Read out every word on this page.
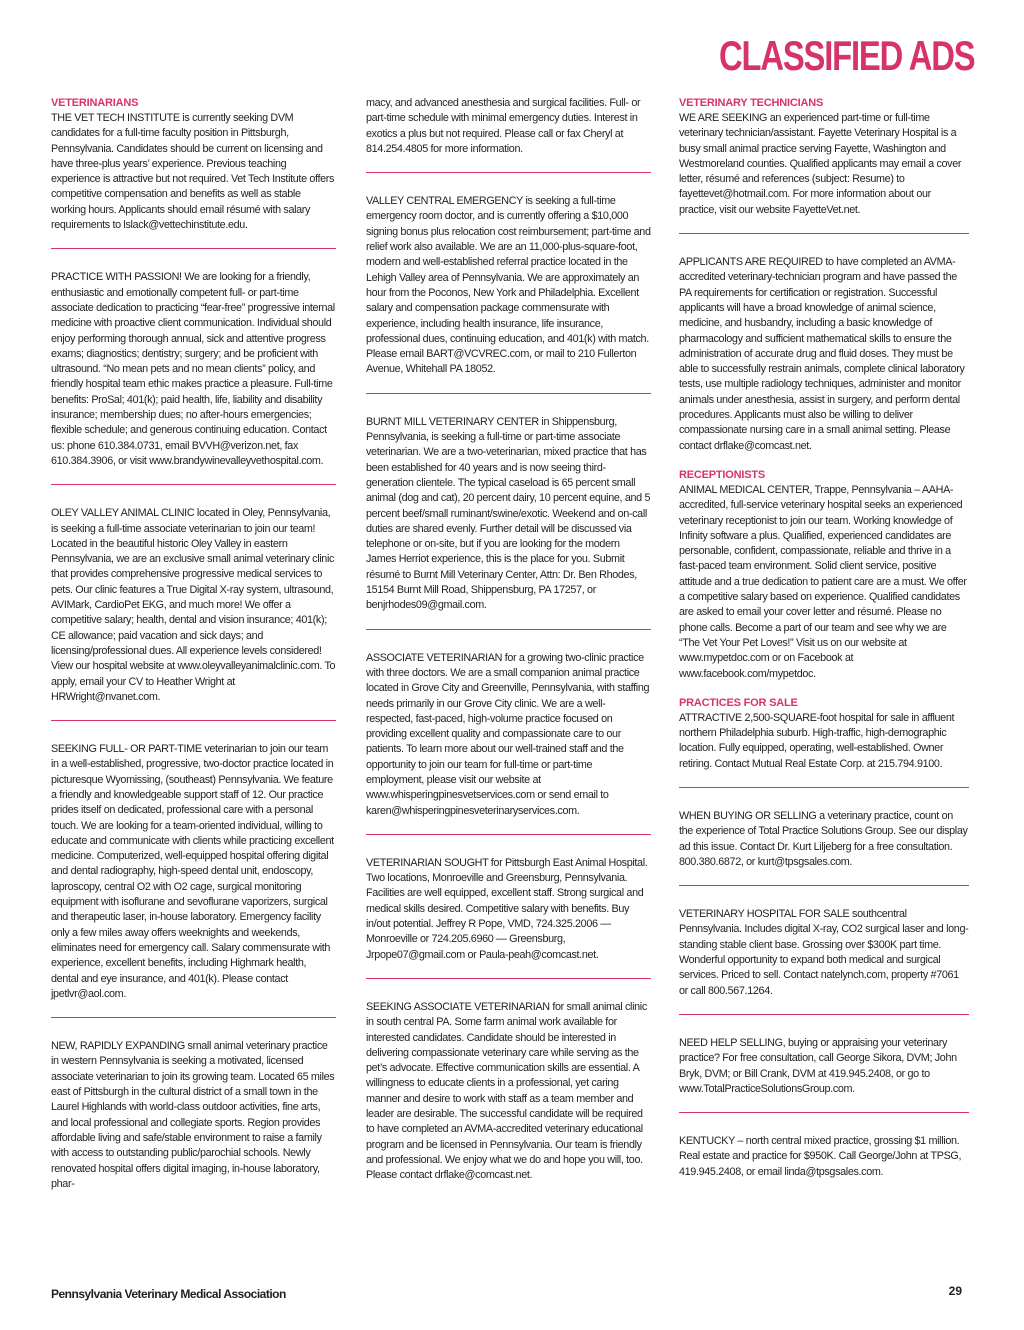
CLASSIFIED ADS
VETERINARIANS

THE VET TECH INSTITUTE is currently seeking DVM candidates for a full-time faculty position in Pittsburgh, Pennsylvania. Candidates should be current on licensing and have three-plus years’ experience. Previous teaching experience is attractive but not required. Vet Tech Institute offers competitive compensation and benefits as well as stable working hours. Applicants should email résumé with salary requirements to lslack@vettechinstitute.edu.

PRACTICE WITH PASSION! We are looking for a friendly, enthusiastic and emotionally competent full- or part-time associate dedication to practicing “fear-free” progressive internal medicine with proactive client communication. Individual should enjoy performing thorough annual, sick and attentive progress exams; diagnostics; dentistry; surgery; and be proficient with ultrasound. “No mean pets and no mean clients” policy, and friendly hospital team ethic makes practice a pleasure. Full-time benefits: ProSal; 401(k); paid health, life, liability and disability insurance; membership dues; no after-hours emergencies; flexible schedule; and generous continuing education. Contact us: phone 610.384.0731, email BVVH@verizon.net, fax 610.384.3906, or visit www.brandywinevalleyvethospital.com.

OLEY VALLEY ANIMAL CLINIC located in Oley, Pennsylvania, is seeking a full-time associate veterinarian to join our team! Located in the beautiful historic Oley Valley in eastern Pennsylvania, we are an exclusive small animal veterinary clinic that provides comprehensive progressive medical services to pets. Our clinic features a True Digital X-ray system, ultrasound, AVIMark, CardioPet EKG, and much more! We offer a competitive salary; health, dental and vision insurance; 401(k); CE allowance; paid vacation and sick days; and licensing/professional dues. All experience levels considered! View our hospital website at www.oleyvalleyanimalclinic.com. To apply, email your CV to Heather Wright at HRWright@nvanet.com.

SEEKING FULL- OR PART-TIME veterinarian to join our team in a well-established, progressive, two-doctor practice located in picturesque Wyomissing, (southeast) Pennsylvania. We feature a friendly and knowledgeable support staff of 12. Our practice prides itself on dedicated, professional care with a personal touch. We are looking for a team-oriented individual, willing to educate and communicate with clients while practicing excellent medicine. Computerized, well-equipped hospital offering digital and dental radiography, high-speed dental unit, endoscopy, laproscopy, central O2 with O2 cage, surgical monitoring equipment with isoflurane and sevoflurane vaporizers, surgical and therapeutic laser, in-house laboratory. Emergency facility only a few miles away offers weeknights and weekends, eliminates need for emergency call. Salary commensurate with experience, excellent benefits, including Highmark health, dental and eye insurance, and 401(k). Please contact jpetlvr@aol.com.

NEW, RAPIDLY EXPANDING small animal veterinary practice in western Pennsylvania is seeking a motivated, licensed associate veterinarian to join its growing team. Located 65 miles east of Pittsburgh in the cultural district of a small town in the Laurel Highlands with world-class outdoor activities, fine arts, and local professional and collegiate sports. Region provides affordable living and safe/stable environment to raise a family with access to outstanding public/parochial schools. Newly renovated hospital offers digital imaging, in-house laboratory, phar-

macy, and advanced anesthesia and surgical facilities. Full- or part-time schedule with minimal emergency duties. Interest in exotics a plus but not required. Please call or fax Cheryl at 814.254.4805 for more information.

VALLEY CENTRAL EMERGENCY is seeking a full-time emergency room doctor, and is currently offering a $10,000 signing bonus plus relocation cost reimbursement; part-time and relief work also available. We are an 11,000-plus-square-foot, modern and well-established referral practice located in the Lehigh Valley area of Pennsylvania. We are approximately an hour from the Poconos, New York and Philadelphia. Excellent salary and compensation package commensurate with experience, including health insurance, life insurance, professional dues, continuing education, and 401(k) with match. Please email BART@VCVREC.com, or mail to 210 Fullerton Avenue, Whitehall PA 18052.

BURNT MILL VETERINARY CENTER in Shippensburg, Pennsylvania, is seeking a full-time or part-time associate veterinarian. We are a two-veterinarian, mixed practice that has been established for 40 years and is now seeing third-generation clientele. The typical caseload is 65 percent small animal (dog and cat), 20 percent dairy, 10 percent equine, and 5 percent beef/small ruminant/swine/exotic. Weekend and on-call duties are shared evenly. Further detail will be discussed via telephone or on-site, but if you are looking for the modern James Herriot experience, this is the place for you. Submit résumé to Burnt Mill Veterinary Center, Attn: Dr. Ben Rhodes, 15154 Burnt Mill Road, Shippensburg, PA 17257, or benjrhodes09@gmail.com.

ASSOCIATE VETERINARIAN for a growing two-clinic practice with three doctors. We are a small companion animal practice located in Grove City and Greenville, Pennsylvania, with staffing needs primarily in our Grove City clinic. We are a well-respected, fast-paced, high-volume practice focused on providing excellent quality and compassionate care to our patients. To learn more about our well-trained staff and the opportunity to join our team for full-time or part-time employment, please visit our website at www.whisperingpinesvetservices.com or send email to karen@whisperingpinesveterinaryservices.com.

VETERINARIAN SOUGHT for Pittsburgh East Animal Hospital. Two locations, Monroeville and Greensburg, Pennsylvania. Facilities are well equipped, excellent staff. Strong surgical and medical skills desired. Competitive salary with benefits. Buy in/out potential. Jeffrey R Pope, VMD, 724.325.2006 — Monroeville or 724.205.6960 — Greensburg, Jrpope07@gmail.com or Paula-peah@comcast.net.

SEEKING ASSOCIATE VETERINARIAN for small animal clinic in south central PA. Some farm animal work available for interested candidates. Candidate should be interested in delivering compassionate veterinary care while serving as the pet’s advocate. Effective communication skills are essential. A willingness to educate clients in a professional, yet caring manner and desire to work with staff as a team member and leader are desirable. The successful candidate will be required to have completed an AVMA-accredited veterinary educational program and be licensed in Pennsylvania. Our team is friendly and professional. We enjoy what we do and hope you will, too. Please contact drflake@comcast.net.

VETERINARY TECHNICIANS

WE ARE SEEKING an experienced part-time or full-time veterinary technician/assistant. Fayette Veterinary Hospital is a busy small animal practice serving Fayette, Washington and Westmoreland counties. Qualified applicants may email a cover letter, résumé and references (subject: Resume) to fayettevet@hotmail.com. For more information about our practice, visit our website FayetteVet.net.

APPLICANTS ARE REQUIRED to have completed an AVMA-accredited veterinary-technician program and have passed the PA requirements for certification or registration. Successful applicants will have a broad knowledge of animal science, medicine, and husbandry, including a basic knowledge of pharmacology and sufficient mathematical skills to ensure the administration of accurate drug and fluid doses. They must be able to successfully restrain animals, complete clinical laboratory tests, use multiple radiology techniques, administer and monitor animals under anesthesia, assist in surgery, and perform dental procedures. Applicants must also be willing to deliver compassionate nursing care in a small animal setting. Please contact drflake@comcast.net.

RECEPTIONISTS

ANIMAL MEDICAL CENTER, Trappe, Pennsylvania – AAHA-accredited, full-service veterinary hospital seeks an experienced veterinary receptionist to join our team. Working knowledge of Infinity software a plus. Qualified, experienced candidates are personable, confident, compassionate, reliable and thrive in a fast-paced team environment. Solid client service, positive attitude and a true dedication to patient care are a must. We offer a competitive salary based on experience. Qualified candidates are asked to email your cover letter and résumé. Please no phone calls. Become a part of our team and see why we are “The Vet Your Pet Loves!” Visit us on our website at www.mypetdoc.com or on Facebook at www.facebook.com/mypetdoc.

PRACTICES FOR SALE

ATTRACTIVE 2,500-SQUARE-foot hospital for sale in affluent northern Philadelphia suburb. High-traffic, high-demographic location. Fully equipped, operating, well-established. Owner retiring. Contact Mutual Real Estate Corp. at 215.794.9100.

WHEN BUYING OR SELLING a veterinary practice, count on the experience of Total Practice Solutions Group. See our display ad this issue. Contact Dr. Kurt Liljeberg for a free consultation. 800.380.6872, or kurt@tpsgsales.com.

VETERINARY HOSPITAL FOR SALE southcentral Pennsylvania. Includes digital X-ray, CO2 surgical laser and long-standing stable client base. Grossing over $300K part time. Wonderful opportunity to expand both medical and surgical services. Priced to sell. Contact natelynch.com, property #7061 or call 800.567.1264.

NEED HELP SELLING, buying or appraising your veterinary practice? For free consultation, call George Sikora, DVM; John Bryk, DVM; or Bill Crank, DVM at 419.945.2408, or go to www.TotalPracticeSolutionsGroup.com.

KENTUCKY – north central mixed practice, grossing $1 million. Real estate and practice for $950K. Call George/John at TPSG, 419.945.2408, or email linda@tpsgsales.com.

Pennsylvania Veterinary Medical Association	29
